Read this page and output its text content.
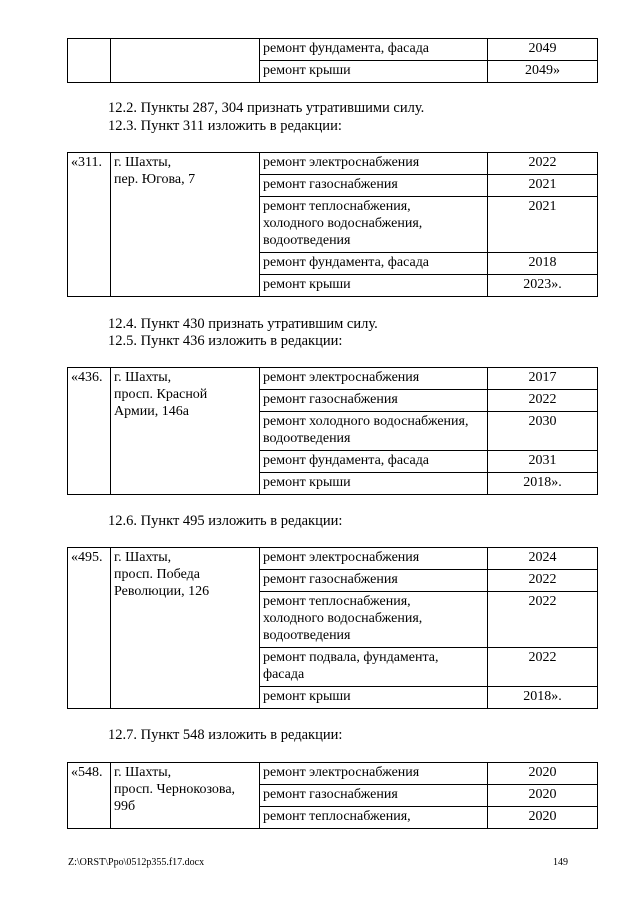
		ремонт фундамента, фасада	2049
		ремонт крыши	2049»
12.2. Пункты 287, 304 признать утратившими силу.
12.3. Пункт 311 изложить в редакции:
«311.	г. Шахты,
пер. Югова, 7	ремонт электроснабжения	2022
		ремонт газоснабжения	2021

		ремонт теплоснабжения,
холодного водоснабжения,
водоотведения	2021
		ремонт фундамента, фасада	2018
		ремонт крыши	2023».
12.4. Пункт 430 признать утратившим силу.
12.5. Пункт 436 изложить в редакции:
«436.	г. Шахты,
просп. Красной
Армии, 146а	ремонт электроснабжения	2017
		ремонт газоснабжения	2022

		ремонт холодного водоснабжения,
водоотведения	2030
		ремонт фундамента, фасада	2031
		ремонт крыши	2018».
12.6. Пункт 495 изложить в редакции:
«495.	г. Шахты,
просп. Победа
Революции, 126	ремонт электроснабжения	2024
		ремонт газоснабжения	2022

		ремонт теплоснабжения,
холодного водоснабжения,
водоотведения	2022

		ремонт подвала, фундамента,
фасада	2022
		ремонт крыши	2018».
12.7. Пункт 548 изложить в редакции:
«548.	г. Шахты,
просп. Чернокозова,
99б	ремонт электроснабжения	2020
		ремонт газоснабжения	2020
		ремонт теплоснабжения,	2020
Z:\ORST\Ppo\0512p355.f17.docx	149
